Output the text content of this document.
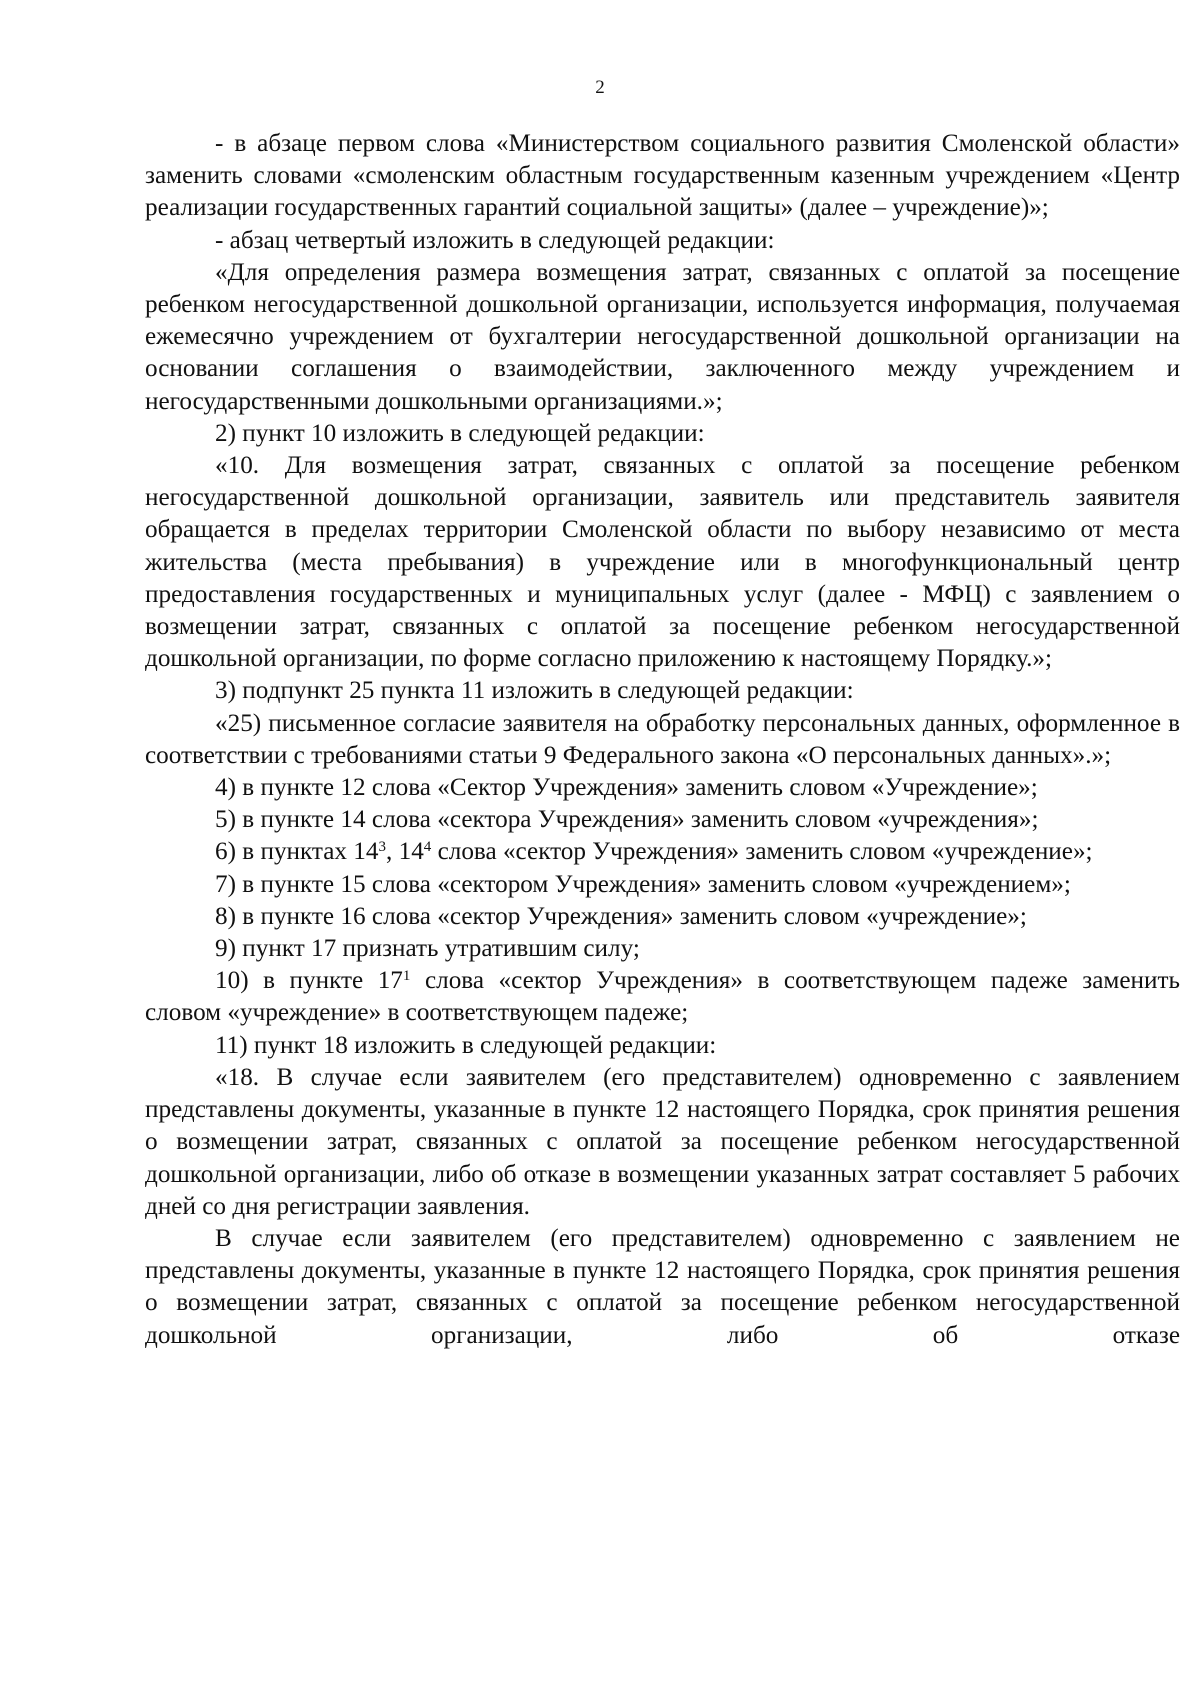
2

- в абзаце первом слова «Министерством социального развития Смоленской области» заменить словами «смоленским областным государственным казенным учреждением «Центр реализации государственных гарантий социальной защиты» (далее – учреждение)»;

- абзац четвертый изложить в следующей редакции:

«Для определения размера возмещения затрат, связанных с оплатой за посещение ребенком негосударственной дошкольной организации, используется информация, получаемая ежемесячно учреждением от бухгалтерии негосударственной дошкольной организации на основании соглашения о взаимодействии, заключенного между учреждением и негосударственными дошкольными организациями.»;

2) пункт 10 изложить в следующей редакции:

«10. Для возмещения затрат, связанных с оплатой за посещение ребенком негосударственной дошкольной организации, заявитель или представитель заявителя обращается в пределах территории Смоленской области по выбору независимо от места жительства (места пребывания) в учреждение или в многофункциональный центр предоставления государственных и муниципальных услуг (далее - МФЦ) с заявлением о возмещении затрат, связанных с оплатой за посещение ребенком негосударственной дошкольной организации, по форме согласно приложению к настоящему Порядку.»;

3) подпункт 25 пункта 11 изложить в следующей редакции:

«25) письменное согласие заявителя на обработку персональных данных, оформленное в соответствии с требованиями статьи 9 Федерального закона «О персональных данных».»;

4) в пункте 12 слова «Сектор Учреждения» заменить словом «Учреждение»;

5) в пункте 14 слова «сектора Учреждения» заменить словом «учреждения»;

6) в пунктах $14^3$, $14^4$ слова «сектор Учреждения» заменить словом «учреждение»;

7) в пункте 15 слова «сектором Учреждения» заменить словом «учреждением»;

8) в пункте 16 слова «сектор Учреждения» заменить словом «учреждение»;

9) пункт 17 признать утратившим силу;

10) в пункте $17^1$ слова «сектор Учреждения» в соответствующем падеже заменить словом «учреждение» в соответствующем падеже;

11) пункт 18 изложить в следующей редакции:

«18. В случае если заявителем (его представителем) одновременно с заявлением представлены документы, указанные в пункте 12 настоящего Порядка, срок принятия решения о возмещении затрат, связанных с оплатой за посещение ребенком негосударственной дошкольной организации, либо об отказе в возмещении указанных затрат составляет 5 рабочих дней со дня регистрации заявления.

В случае если заявителем (его представителем) одновременно с заявлением не представлены документы, указанные в пункте 12 настоящего Порядка, срок принятия решения о возмещении затрат, связанных с оплатой за посещение ребенком негосударственной дошкольной организации, либо об отказе
